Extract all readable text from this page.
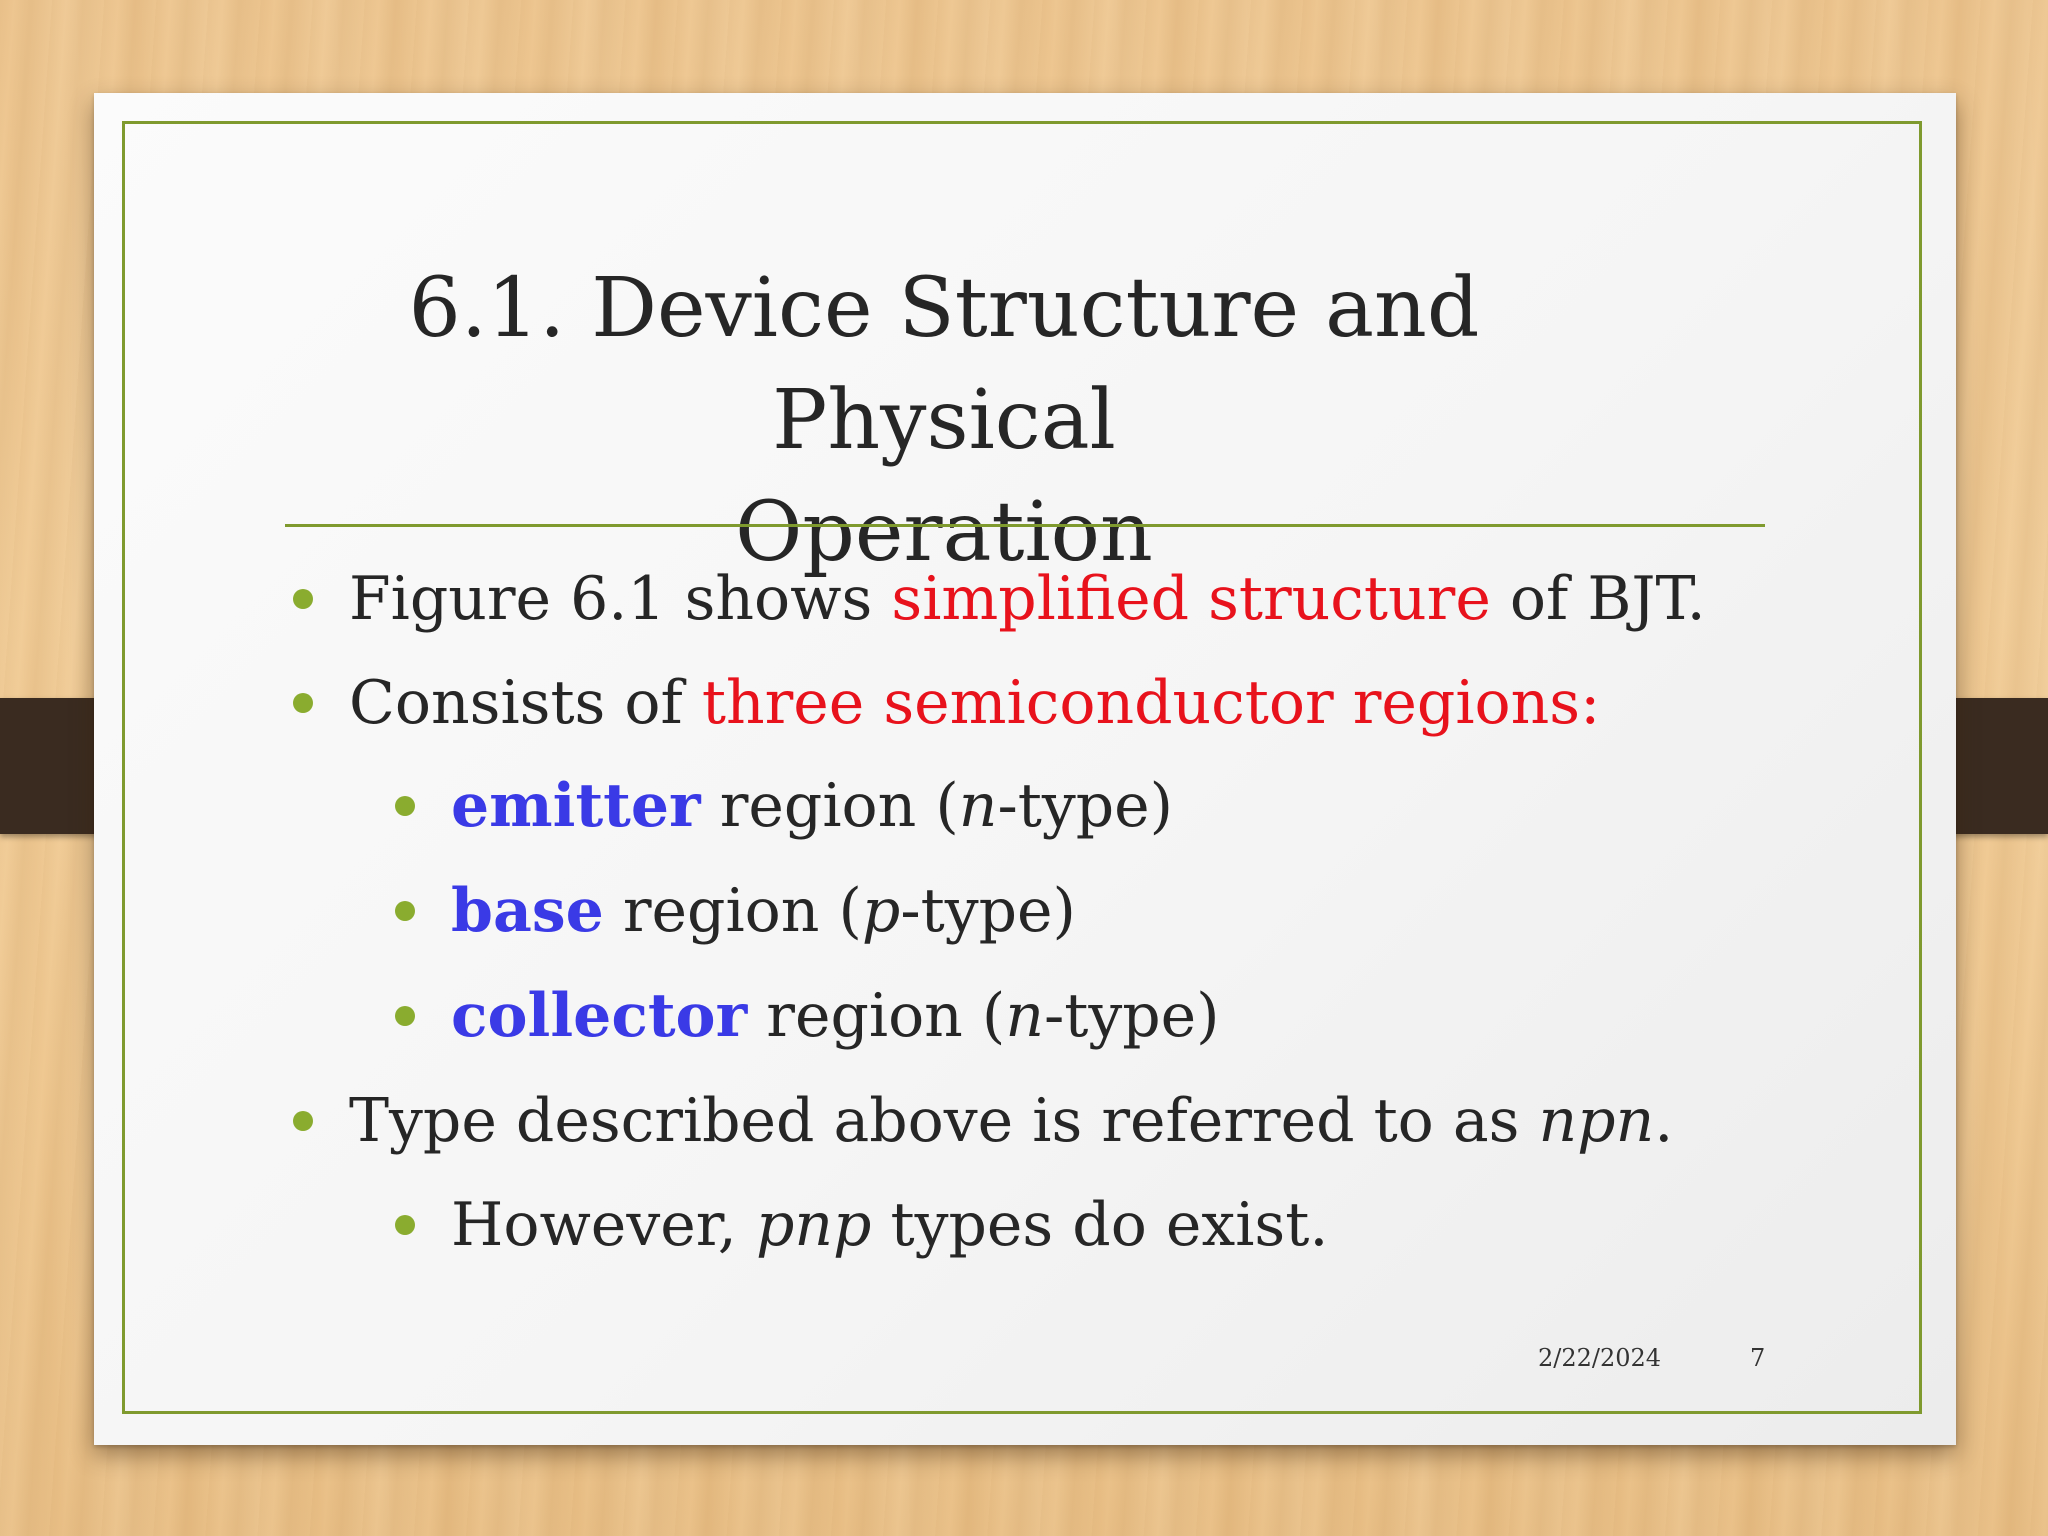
6.1. Device Structure and Physical
Operation
Figure 6.1 shows simplified structure of BJT.
Consists of three semiconductor regions:
emitter region (n-type)
base region (p-type)
collector region (n-type)
Type described above is referred to as npn.
However, pnp types do exist.
2/22/2024	7
